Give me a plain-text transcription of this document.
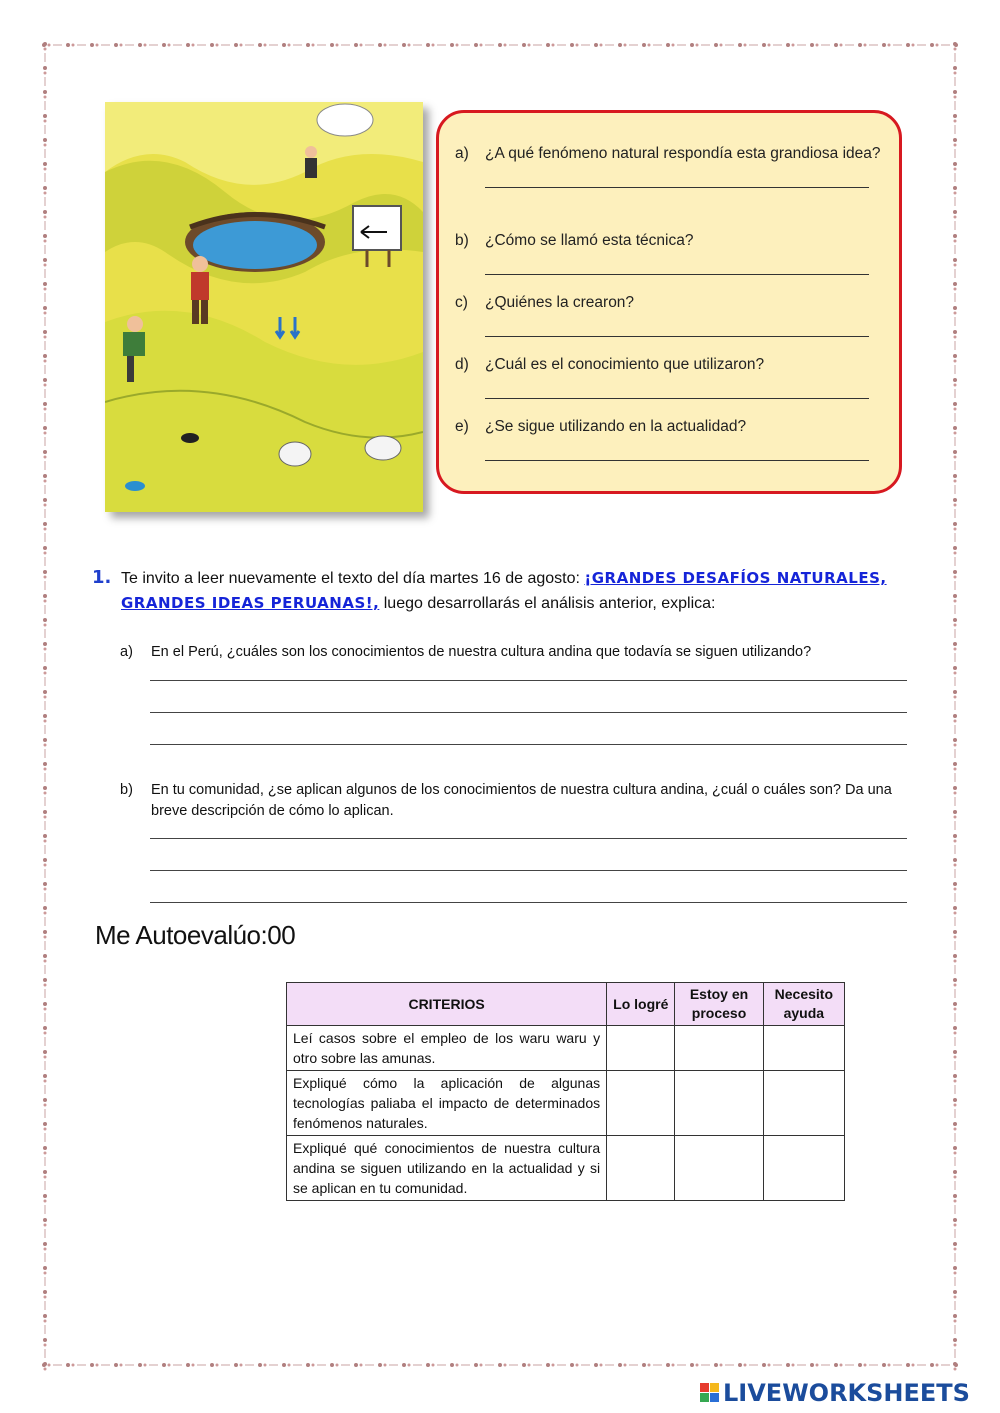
a) ¿A qué fenómeno natural respondía esta grandiosa idea?
b) ¿Cómo se llamó esta técnica?
c) ¿Quiénes la crearon?
d) ¿Cuál es el conocimiento que utilizaron?
e) ¿Se sigue utilizando en la actualidad?
1. Te invito a leer nuevamente el texto del día martes 16 de agosto: ¡GRANDES DESAFÍOS NATURALES, GRANDES IDEAS PERUANAS!, luego desarrollarás el análisis anterior, explica:
a) En el Perú, ¿cuáles son los conocimientos de nuestra cultura andina que todavía se siguen utilizando?
b) En tu comunidad, ¿se aplican algunos de los conocimientos de nuestra cultura andina, ¿cuál o cuáles son? Da una breve descripción de cómo lo aplican.
Me Autoevalúo:00
CRITERIOS	Lo logré	Estoy en proceso	Necesito ayuda
Leí casos sobre el empleo de los waru waru y otro sobre las amunas.			
Expliqué cómo la aplicación de algunas tecnologías paliaba el impacto de determinados fenómenos naturales.			
Expliqué qué conocimientos de nuestra cultura andina se siguen utilizando en la actualidad y si se aplican en tu comunidad.			
LIVEWORKSHEETS
